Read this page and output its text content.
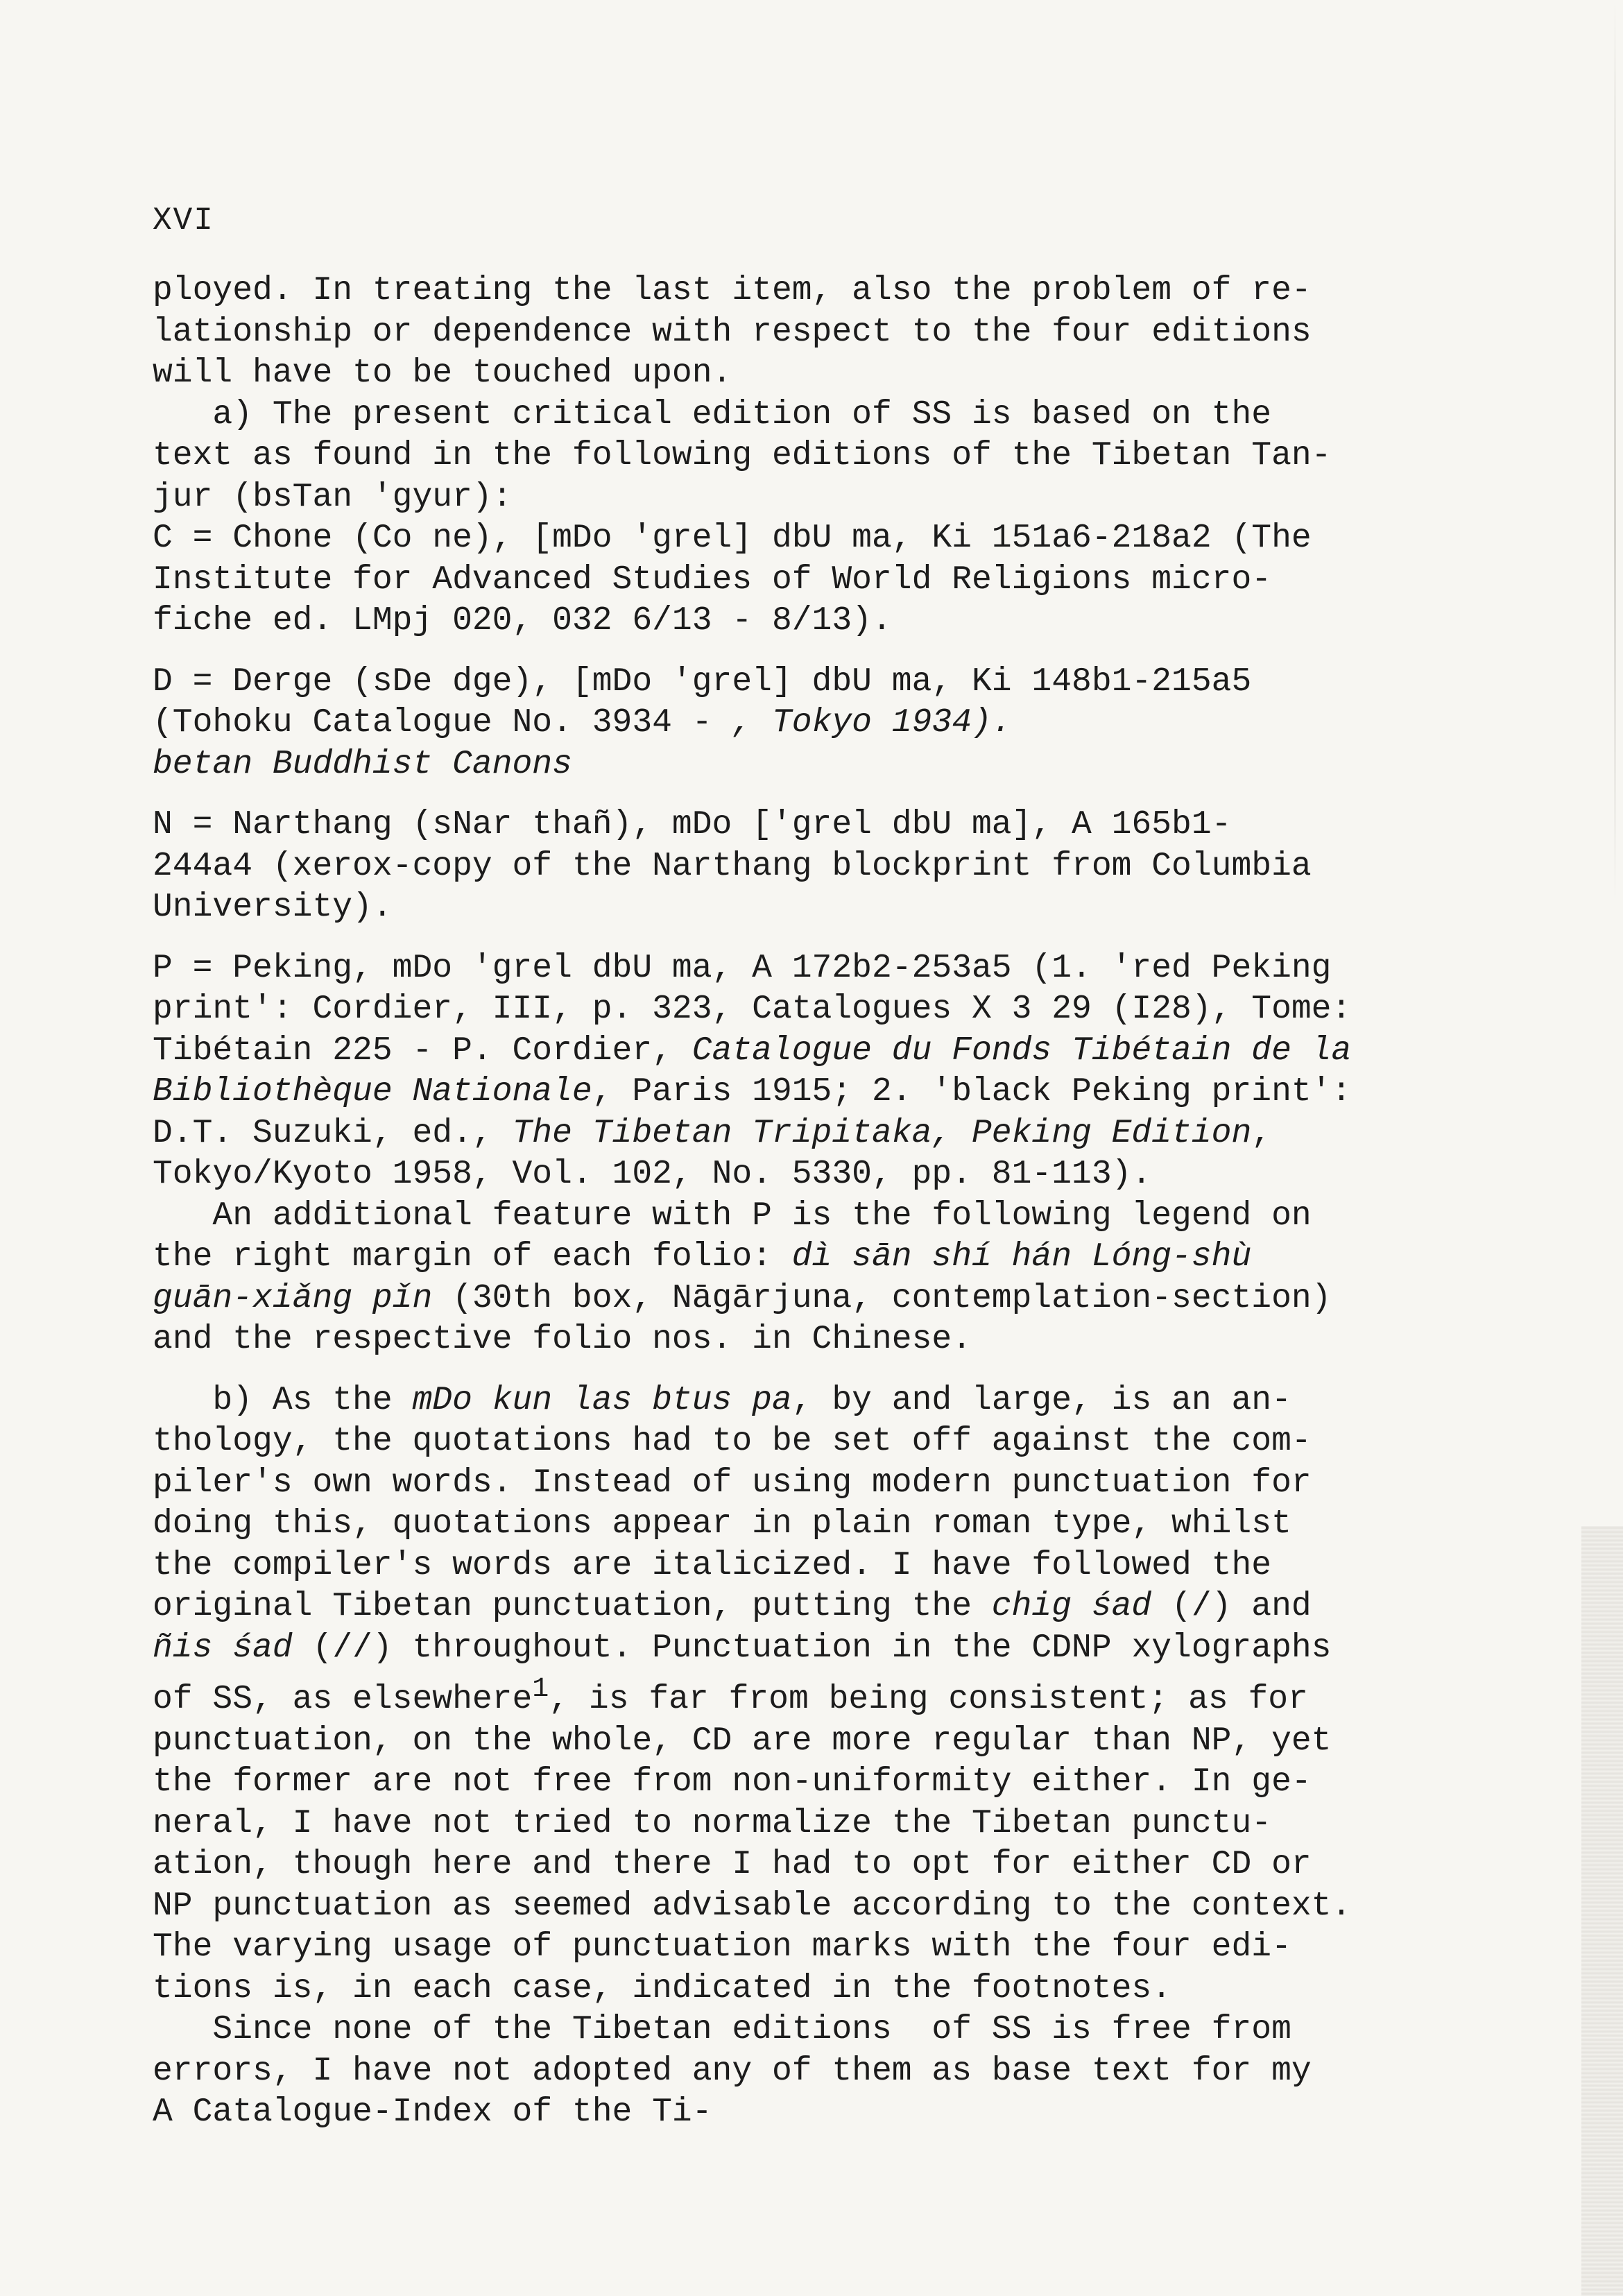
XVI
ployed. In treating the last item, also the problem of re-
lationship or dependence with respect to the four editions
will have to be touched upon.
a) The present critical edition of SS is based on the
text as found in the following editions of the Tibetan Tan-
jur (bsTan 'gyur):
C = Chone (Co ne), [mDo 'grel] dbU ma, Ki 151a6-218a2 (The
Institute for Advanced Studies of World Religions micro-
fiche ed. LMpj 020, 032 6/13 - 8/13).
D = Derge (sDe dge), [mDo 'grel] dbU ma, Ki 148b1-215a5
(Tohoku Catalogue No. 3934 - , Tokyo 1934).
betan Buddhist Canons
N = Narthang (sNar thañ), mDo ['grel dbU ma], A 165b1-
244a4 (xerox-copy of the Narthang blockprint from Columbia
University).
P = Peking, mDo 'grel dbU ma, A 172b2-253a5 (1. 'red Peking
print': Cordier, III, p. 323, Catalogues X 3 29 (I28), Tome:
Tibétain 225 - P. Cordier, Catalogue du Fonds Tibétain de la
Bibliothèque Nationale, Paris 1915; 2. 'black Peking print':
D.T. Suzuki, ed., The Tibetan Tripitaka, Peking Edition,
Tokyo/Kyoto 1958, Vol. 102, No. 5330, pp. 81-113).
An additional feature with P is the following legend on
the right margin of each folio: dì sān shí hán Lóng-shù
guān-xiǎng pǐn (30th box, Nāgārjuna, contemplation-section)
and the respective folio nos. in Chinese.
b) As the mDo kun las btus pa, by and large, is an an-
thology, the quotations had to be set off against the com-
piler's own words. Instead of using modern punctuation for
doing this, quotations appear in plain roman type, whilst
the compiler's words are italicized. I have followed the
original Tibetan punctuation, putting the chig śad (/) and
ñis śad (//) throughout. Punctuation in the CDNP xylographs
of SS, as elsewhere$^1$, is far from being consistent; as for
punctuation, on the whole, CD are more regular than NP, yet
the former are not free from non-uniformity either. In ge-
neral, I have not tried to normalize the Tibetan punctu-
ation, though here and there I had to opt for either CD or
NP punctuation as seemed advisable according to the context.
The varying usage of punctuation marks with the four edi-
tions is, in each case, indicated in the footnotes.
Since none of the Tibetan editions  of SS is free from
errors, I have not adopted any of them as base text for my
A Catalogue-Index of the Ti-
